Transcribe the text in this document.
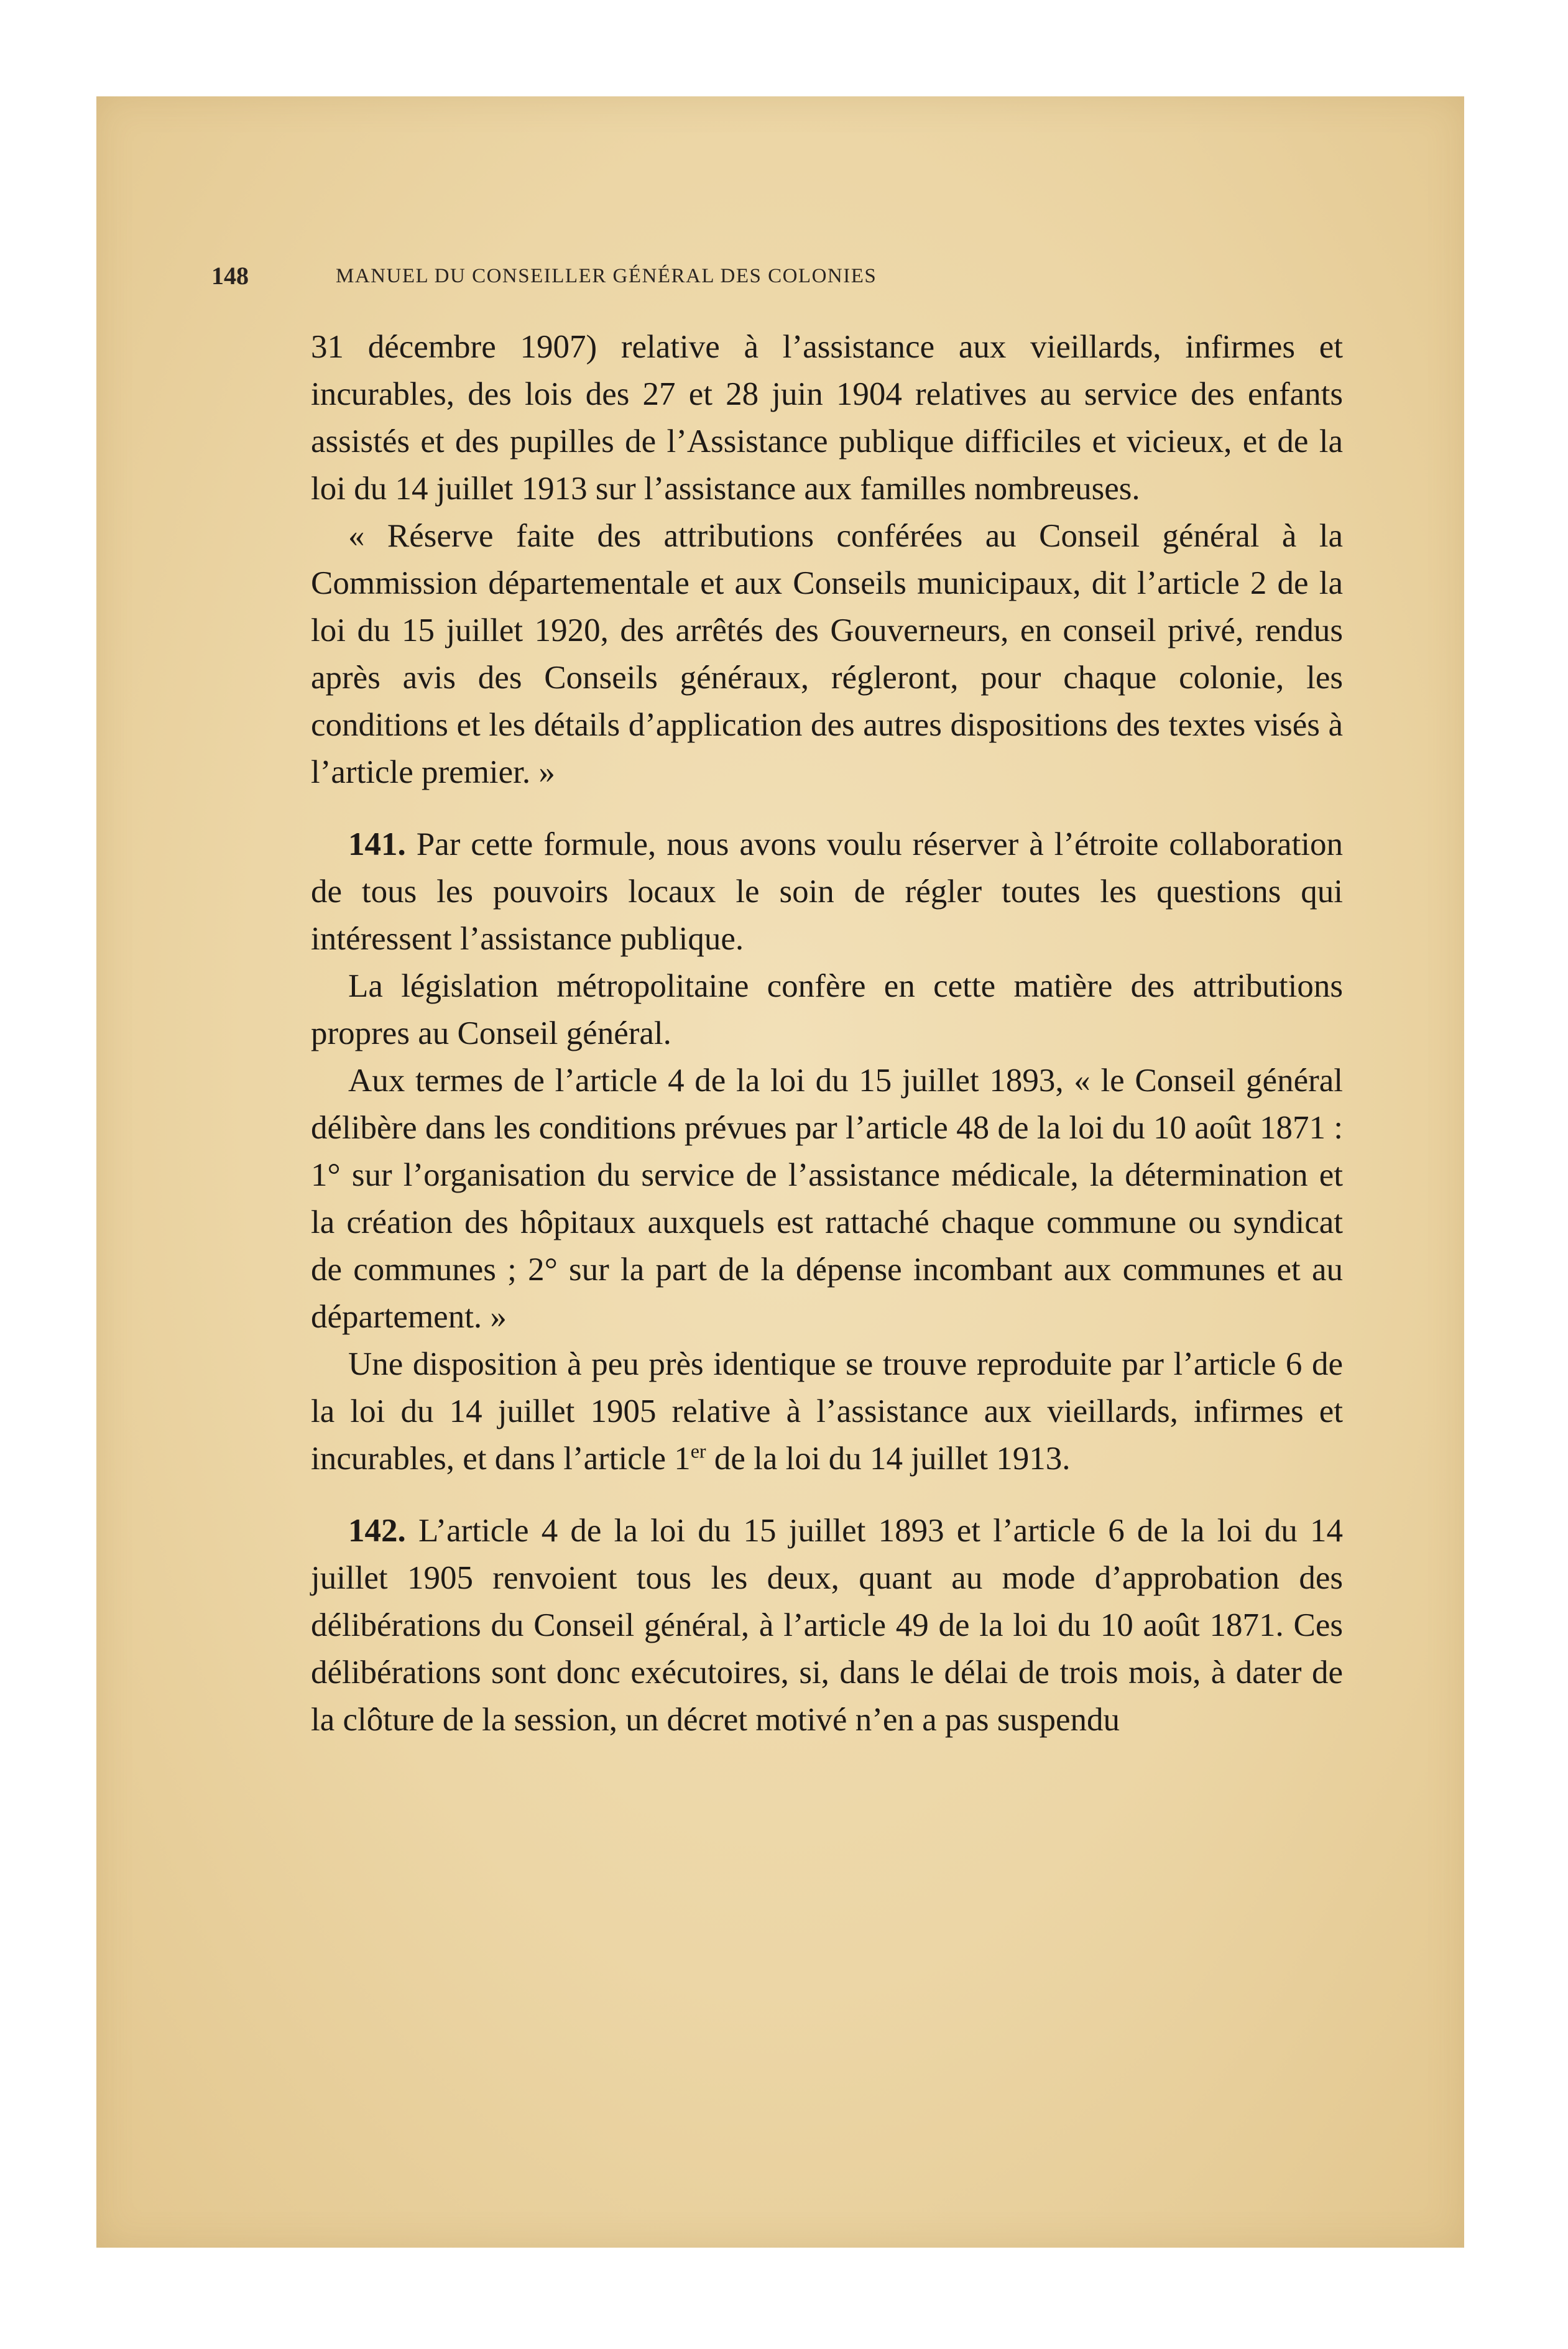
148	MANUEL DU CONSEILLER GÉNÉRAL DES COLONIES

31 décembre 1907) relative à l’assistance aux vieillards, infirmes et incurables, des lois des 27 et 28 juin 1904 relatives au service des enfants assistés et des pupilles de l’Assistance publique difficiles et vicieux, et de la loi du 14 juillet 1913 sur l’assistance aux familles nombreuses.

« Réserve faite des attributions conférées au Conseil général à la Commission départementale et aux Conseils municipaux, dit l’article 2 de la loi du 15 juillet 1920, des arrêtés des Gouverneurs, en conseil privé, rendus après avis des Conseils généraux, régleront, pour chaque colonie, les conditions et les détails d’application des autres dispositions des textes visés à l’article premier. »

141. Par cette formule, nous avons voulu réserver à l’étroite collaboration de tous les pouvoirs locaux le soin de régler toutes les questions qui intéressent l’assistance publique.

La législation métropolitaine confère en cette matière des attributions propres au Conseil général.

Aux termes de l’article 4 de la loi du 15 juillet 1893, « le Conseil général délibère dans les conditions prévues par l’article 48 de la loi du 10 août 1871 : 1° sur l’organisation du service de l’assistance médicale, la détermination et la création des hôpitaux auxquels est rattaché chaque commune ou syndicat de communes ; 2° sur la part de la dépense incombant aux communes et au département. »

Une disposition à peu près identique se trouve reproduite par l’article 6 de la loi du 14 juillet 1905 relative à l’assistance aux vieillards, infirmes et incurables, et dans l’article 1er de la loi du 14 juillet 1913.

142. L’article 4 de la loi du 15 juillet 1893 et l’article 6 de la loi du 14 juillet 1905 renvoient tous les deux, quant au mode d’approbation des délibérations du Conseil général, à l’article 49 de la loi du 10 août 1871. Ces délibérations sont donc exécutoires, si, dans le délai de trois mois, à dater de la clôture de la session, un décret motivé n’en a pas suspendu
